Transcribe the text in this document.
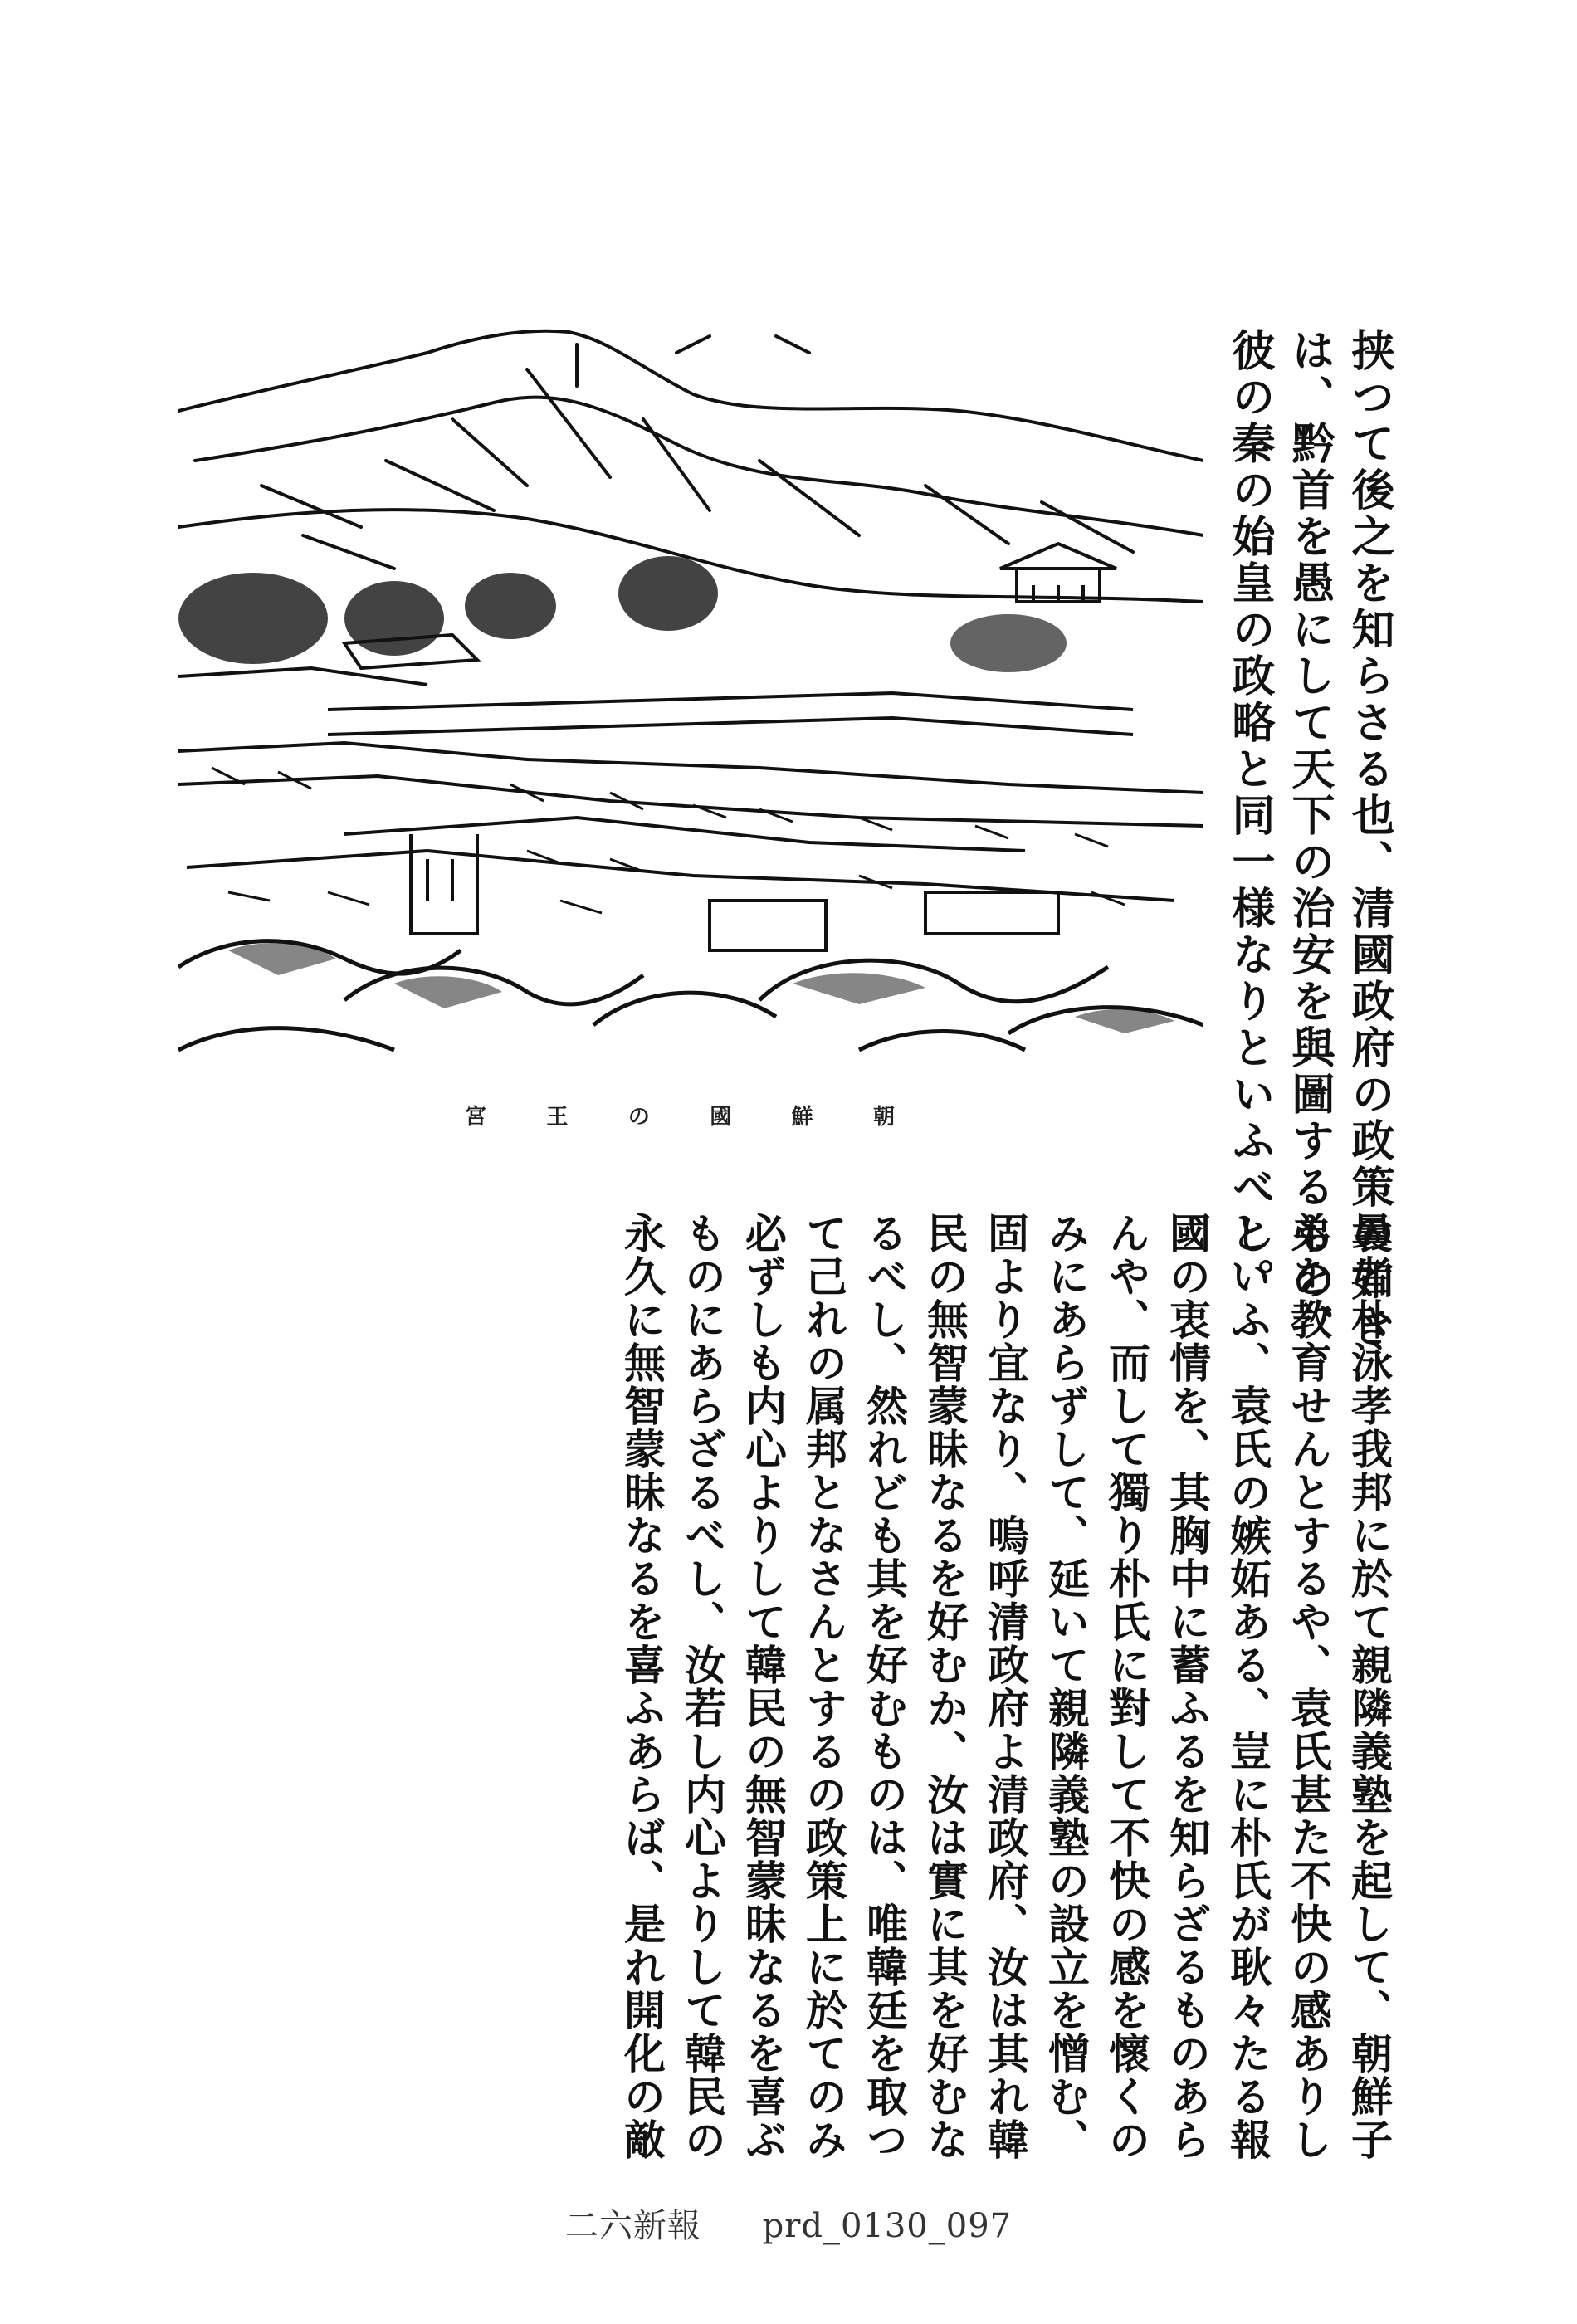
挟つて後之を知らさる也、清國政府の政策の如き
は、黔首を愚にして天下の治安を與圖するもの、
彼の秦の始皇の政略と同一様なりといふべし。
朝
鮮
國
の
王
宮
曩者朴泳孝我邦に於て親隣義塾を起して、朝鮮子
弟を教育せんとするや、袁氏甚た不快の感ありし
といふ、袁氏の嫉妬ある、豈に朴氏が耿々たる報
國の衷情を、其胸中に蓄ふるを知らざるものあら
んや、而して獨り朴氏に對して不快の感を懷くの
みにあらずして、延いて親隣義塾の設立を憎む、
固より宜なり、嗚呼清政府よ清政府、汝は其れ韓
民の無智蒙昧なるを好むか、汝は實に其を好むな
るべし、然れども其を好むものは、唯韓廷を取つ
て己れの属邦となさんとするの政策上に於てのみ
必ずしも内心よりして韓民の無智蒙昧なるを喜ぶ
ものにあらざるべし、汝若し内心よりして韓民の
永久に無智蒙昧なるを喜ふあらば、是れ開化の敵
二六新報 prd_0130_097
